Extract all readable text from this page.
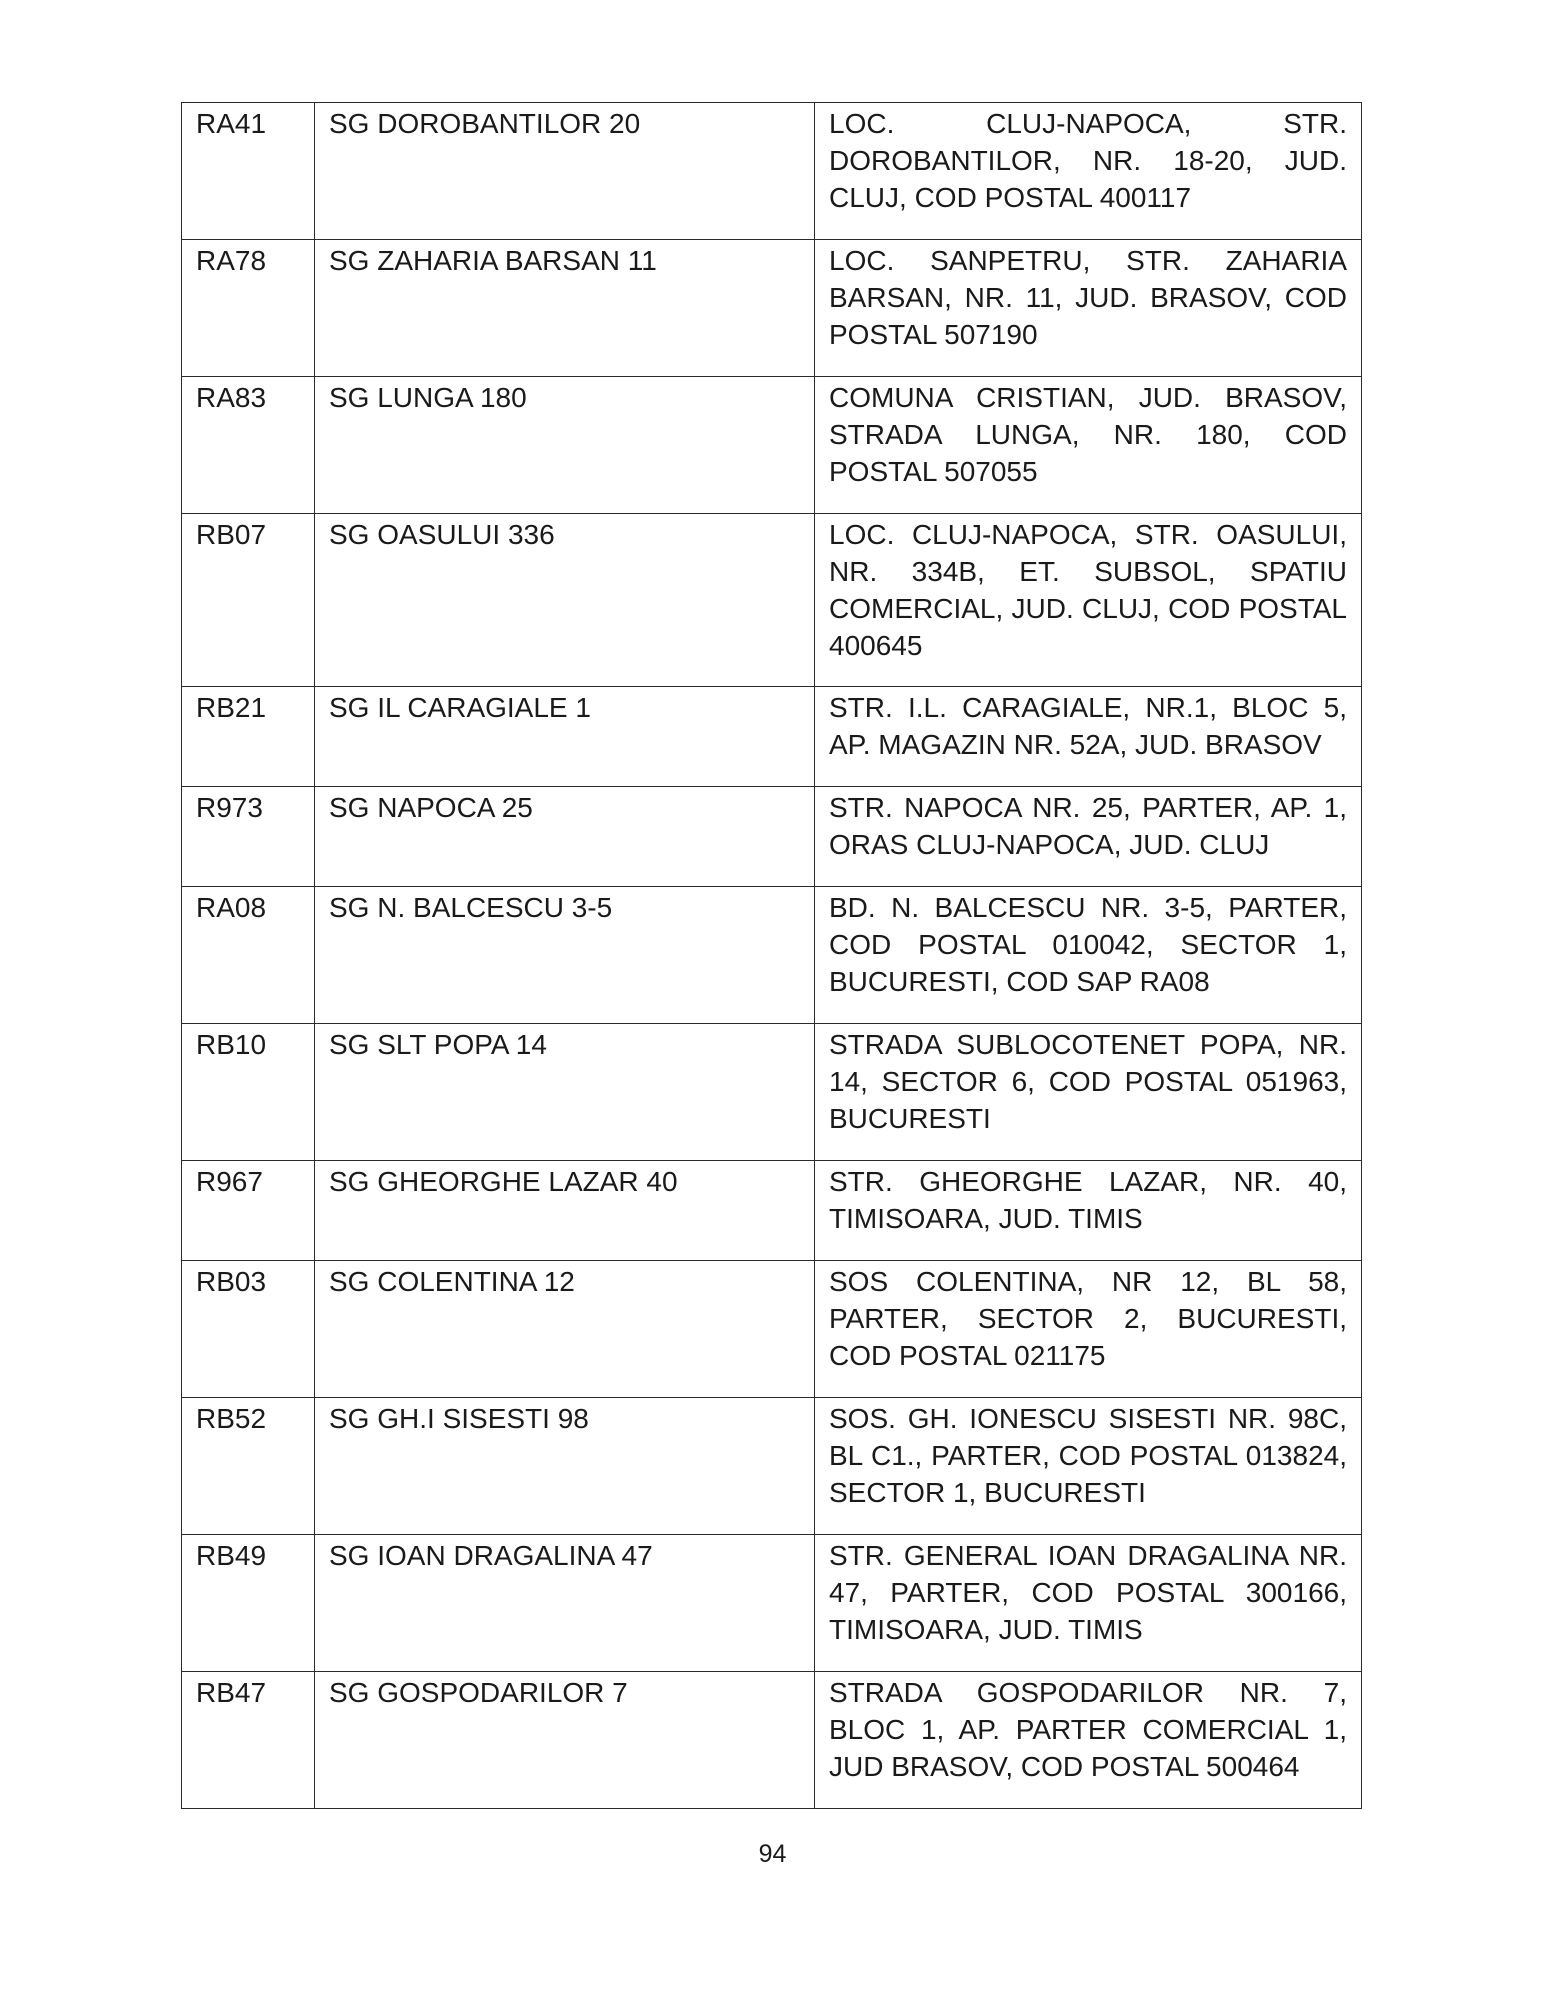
RA41	SG DOROBANTILOR 20	LOC. CLUJ-NAPOCA, STR. DOROBANTILOR, NR. 18-20, JUD. CLUJ, COD POSTAL 400117
RA78	SG ZAHARIA BARSAN 11	LOC. SANPETRU, STR. ZAHARIA BARSAN, NR. 11, JUD. BRASOV, COD POSTAL 507190
RA83	SG LUNGA 180	COMUNA CRISTIAN, JUD. BRASOV, STRADA LUNGA, NR. 180, COD POSTAL 507055
RB07	SG OASULUI 336	LOC. CLUJ-NAPOCA, STR. OASULUI, NR. 334B, ET. SUBSOL, SPATIU COMERCIAL, JUD. CLUJ, COD POSTAL 400645
RB21	SG IL CARAGIALE 1	STR. I.L. CARAGIALE, NR.1, BLOC 5, AP. MAGAZIN NR. 52A, JUD. BRASOV
R973	SG NAPOCA 25	STR. NAPOCA NR. 25, PARTER, AP. 1, ORAS CLUJ-NAPOCA, JUD. CLUJ
RA08	SG N. BALCESCU 3-5	BD. N. BALCESCU NR. 3-5, PARTER, COD POSTAL 010042, SECTOR 1, BUCURESTI, COD SAP RA08
RB10	SG SLT POPA 14	STRADA SUBLOCOTENET POPA, NR. 14, SECTOR 6, COD POSTAL 051963, BUCURESTI
R967	SG GHEORGHE LAZAR 40	STR. GHEORGHE LAZAR, NR. 40, TIMISOARA, JUD. TIMIS
RB03	SG COLENTINA 12	SOS COLENTINA, NR 12, BL 58, PARTER, SECTOR 2, BUCURESTI, COD POSTAL 021175
RB52	SG GH.I SISESTI 98	SOS. GH. IONESCU SISESTI NR. 98C, BL C1., PARTER, COD POSTAL 013824, SECTOR 1, BUCURESTI
RB49	SG IOAN DRAGALINA 47	STR. GENERAL IOAN DRAGALINA NR. 47, PARTER, COD POSTAL 300166, TIMISOARA, JUD. TIMIS
RB47	SG GOSPODARILOR 7	STRADA GOSPODARILOR NR. 7, BLOC 1, AP. PARTER COMERCIAL 1, JUD BRASOV, COD POSTAL 500464
94
